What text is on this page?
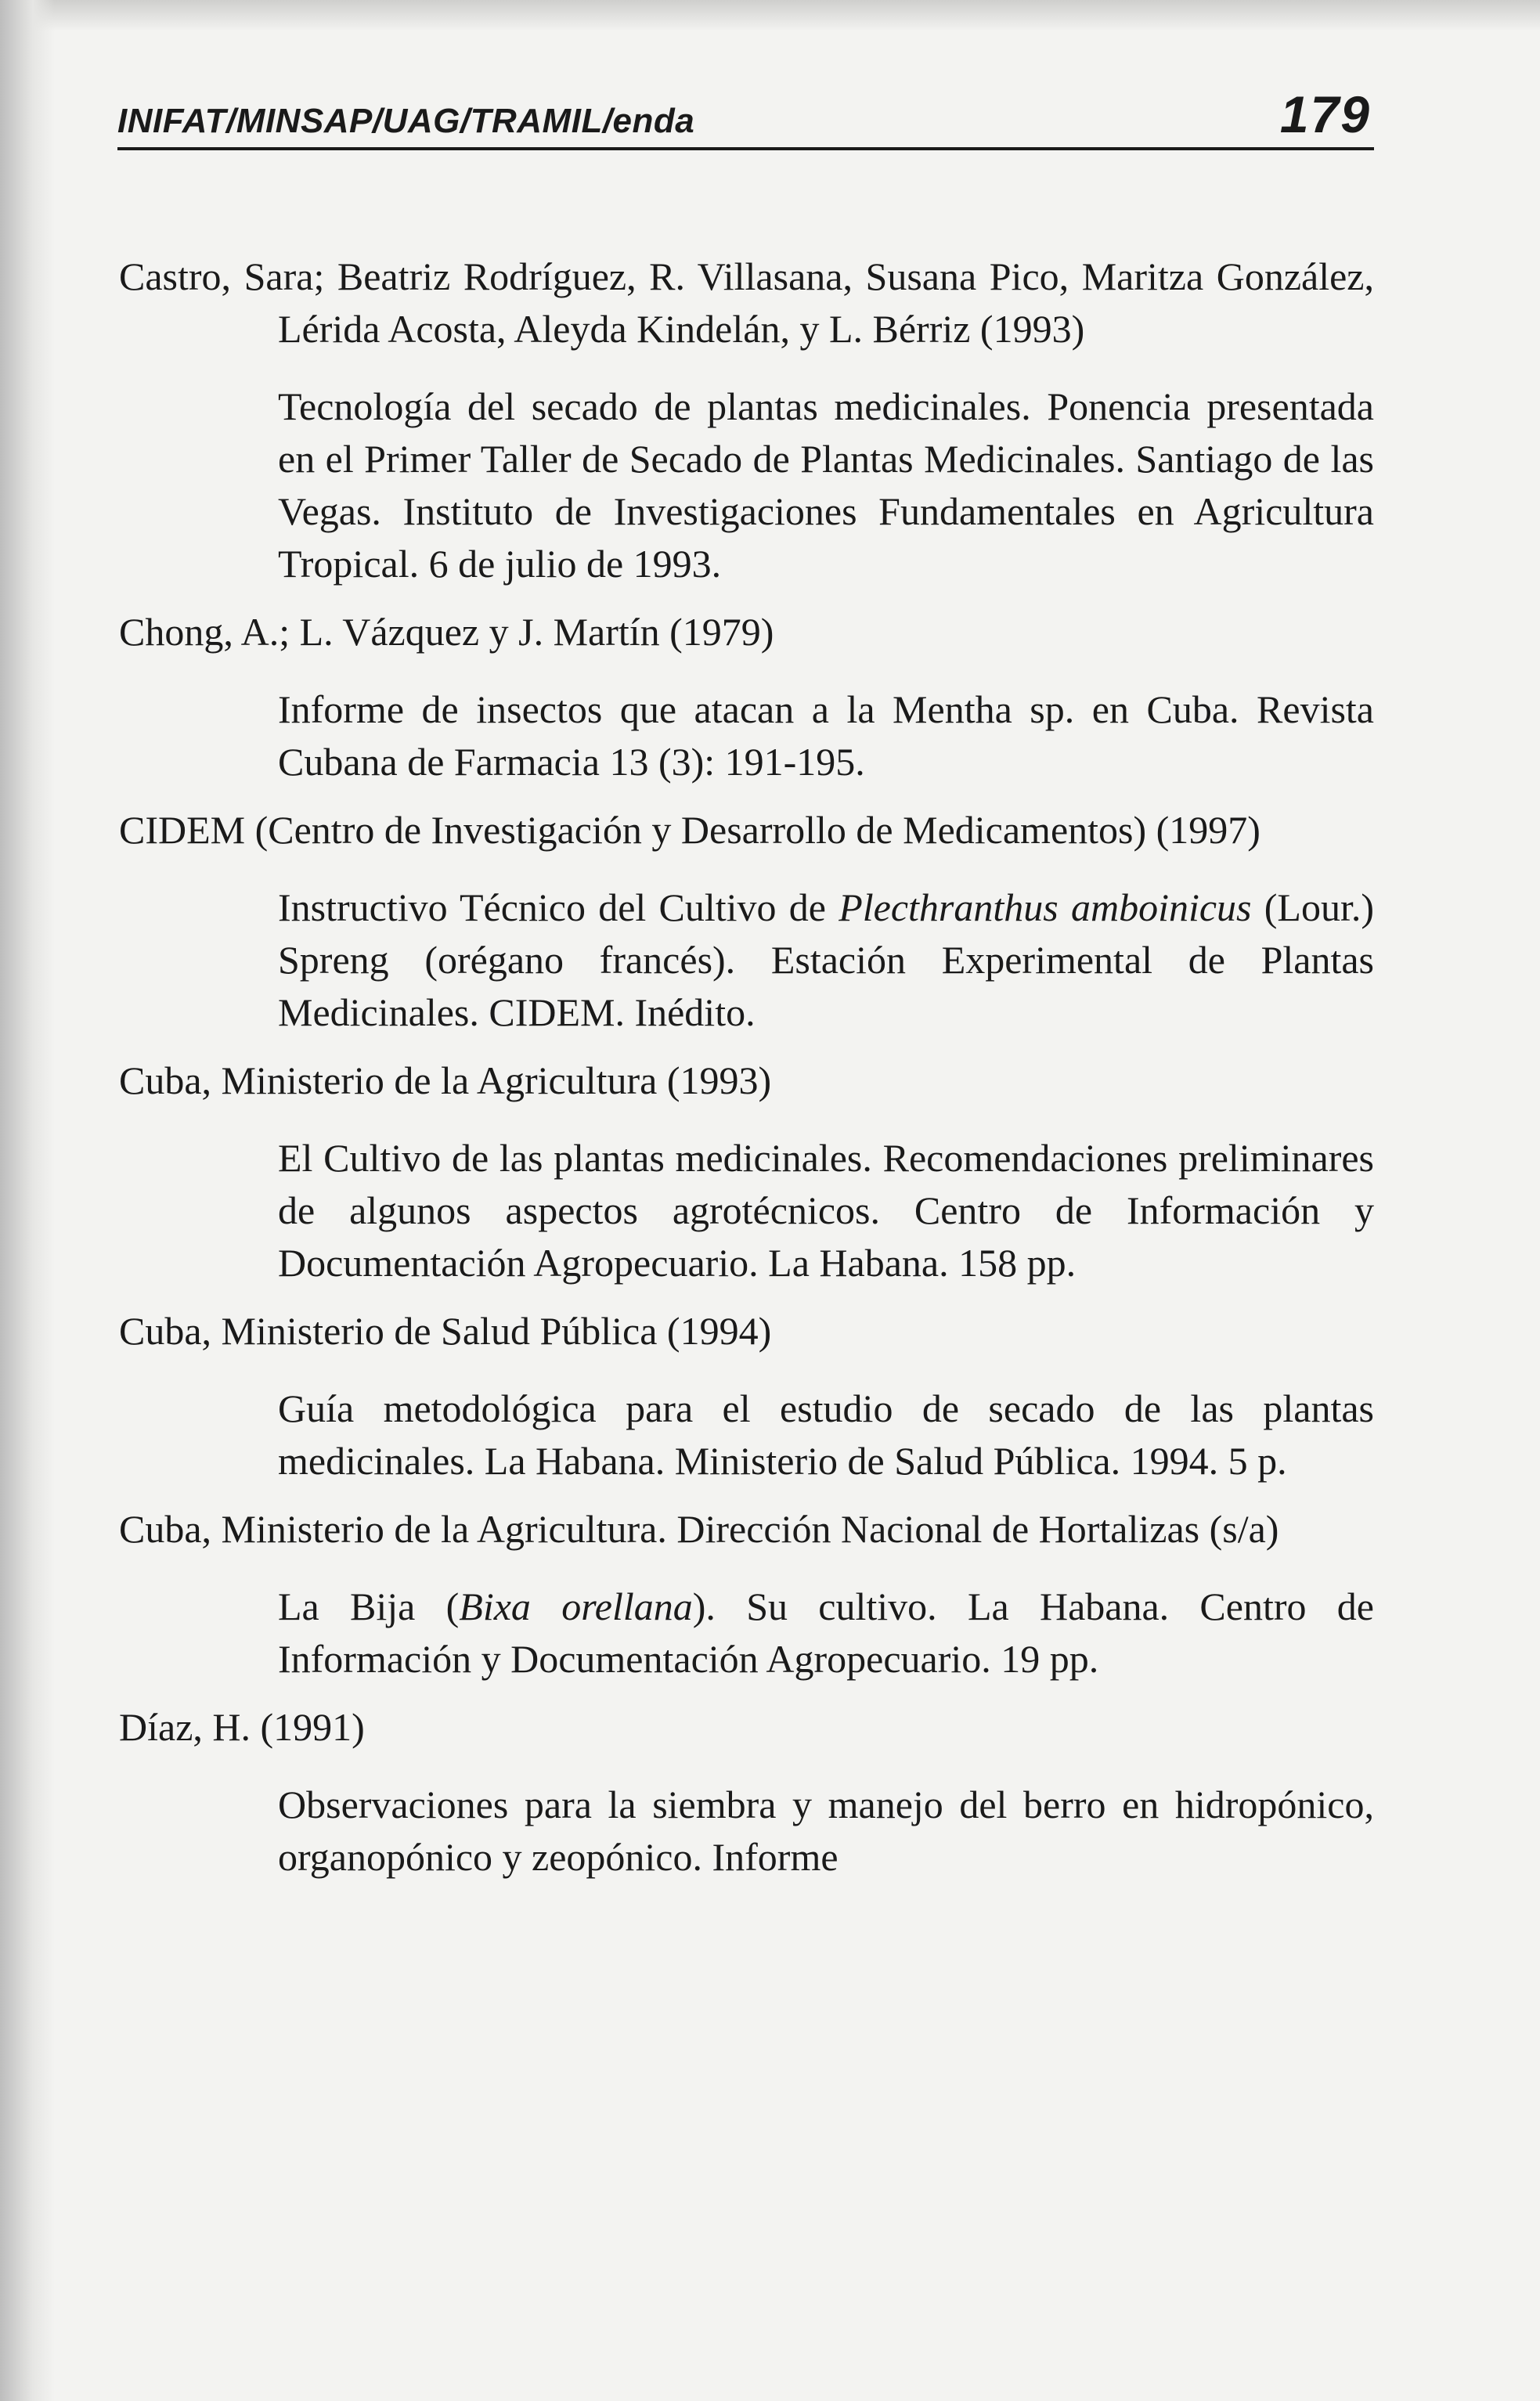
INIFAT/MINSAP/UAG/TRAMIL/enda	179
Castro, Sara; Beatriz Rodríguez, R. Villasana, Susana Pico, Maritza González, Lérida Acosta, Aleyda Kindelán, y L. Bérriz (1993)
Tecnología del secado de plantas medicinales. Ponencia presentada en el Primer Taller de Secado de Plantas Medicinales. Santiago de las Vegas. Instituto de Investigaciones Fundamentales en Agricultura Tropical. 6 de julio de 1993.
Chong, A.; L. Vázquez y J. Martín (1979)
Informe de insectos que atacan a la Mentha sp. en Cuba. Revista Cubana de Farmacia 13 (3): 191-195.
CIDEM (Centro de Investigación y Desarrollo de Medicamentos) (1997)
Instructivo Técnico del Cultivo de Plecthranthus amboinicus (Lour.) Spreng (orégano francés). Estación Experimental de Plantas Medicinales. CIDEM. Inédito.
Cuba, Ministerio de la Agricultura (1993)
El Cultivo de las plantas medicinales. Recomendaciones preliminares de algunos aspectos agrotécnicos. Centro de Información y Documentación Agropecuario. La Habana. 158 pp.
Cuba, Ministerio de Salud Pública (1994)
Guía metodológica para el estudio de secado de las plantas medicinales. La Habana. Ministerio de Salud Pública. 1994. 5 p.
Cuba, Ministerio de la Agricultura. Dirección Nacional de Hortalizas (s/a)
La Bija (Bixa orellana). Su cultivo. La Habana. Centro de Información y Documentación Agropecuario. 19 pp.
Díaz, H. (1991)
Observaciones para la siembra y manejo del berro en hidropónico, organopónico y zeopónico. Informe
